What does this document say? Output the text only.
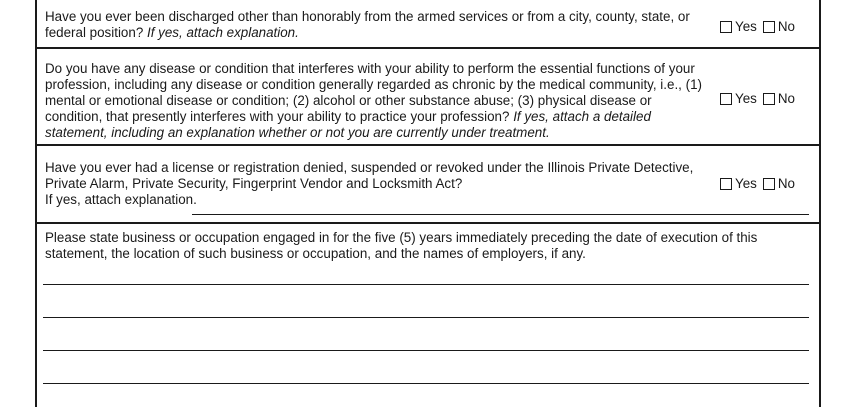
Have you ever been discharged other than honorably from the armed services or from a city, county, state, or federal position? If yes, attach explanation.	Yes No

Do you have any disease or condition that interferes with your ability to perform the essential functions of your profession, including any disease or condition generally regarded as chronic by the medical community, i.e., (1) mental or emotional disease or condition; (2) alcohol or other substance abuse; (3) physical disease or condition, that presently interferes with your ability to practice your profession? If yes, attach a detailed statement, including an explanation whether or not you are currently under treatment.

Yes No

Have you ever had a license or registration denied, suspended or revoked under the Illinois Private Detective, Private Alarm, Private Security, Fingerprint Vendor and Locksmith Act?
If yes, attach explanation.

Yes No

Please state business or occupation engaged in for the five (5) years immediately preceding the date of execution of this statement, the location of such business or occupation, and the names of employers, if any.
